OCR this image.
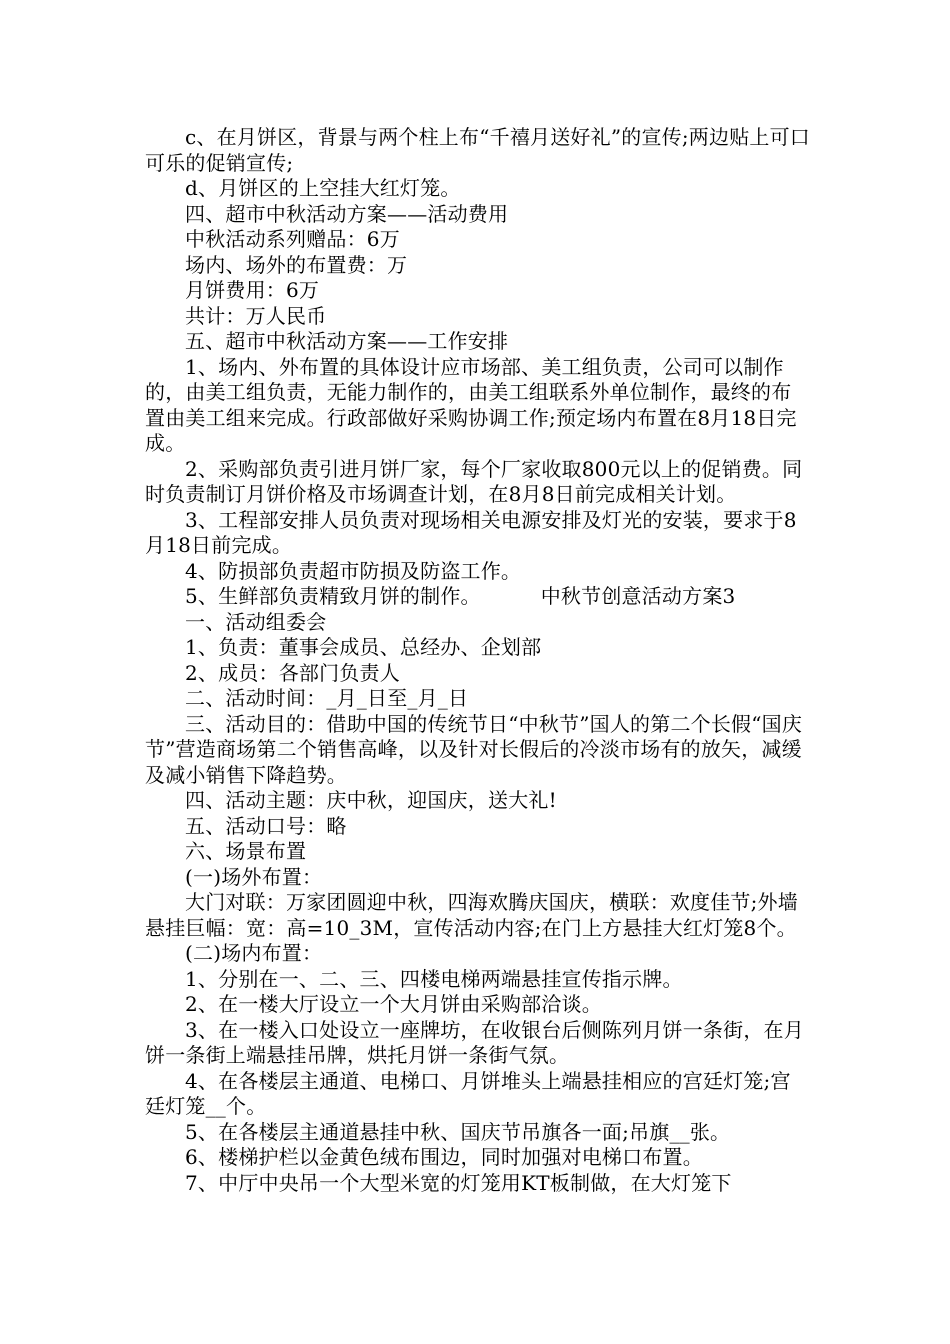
c、在月饼区，背景与两个柱上布“千禧月送好礼”的宣传;两边贴上可口可乐的促销宣传;

d、月饼区的上空挂大红灯笼。

四、超市中秋活动方案——活动费用

中秋活动系列赠品：6万

场内、场外的布置费：万

月饼费用：6万

共计：万人民币

五、超市中秋活动方案——工作安排

1、场内、外布置的具体设计应市场部、美工组负责，公司可以制作的，由美工组负责，无能力制作的，由美工组联系外单位制作，最终的布置由美工组来完成。行政部做好采购协调工作;预定场内布置在8月18日完成。

2、采购部负责引进月饼厂家，每个厂家收取800元以上的促销费。同时负责制订月饼价格及市场调查计划，在8月8日前完成相关计划。

3、工程部安排人员负责对现场相关电源安排及灯光的安装，要求于8月18日前完成。

4、防损部负责超市防损及防盗工作。

5、生鲜部负责精致月饼的制作。	中秋节创意活动方案3

一、活动组委会

1、负责：董事会成员、总经办、企划部

2、成员：各部门负责人

二、活动时间：_月_日至_月_日

三、活动目的：借助中国的传统节日“中秋节”国人的第二个长假“国庆节”营造商场第二个销售高峰，以及针对长假后的冷淡市场有的放矢，减缓及减小销售下降趋势。

四、活动主题：庆中秋，迎国庆，送大礼!

五、活动口号：略

六、场景布置

(一)场外布置：

大门对联：万家团圆迎中秋，四海欢腾庆国庆，横联：欢度佳节;外墙悬挂巨幅：宽：高=10_3M，宣传活动内容;在门上方悬挂大红灯笼8个。

(二)场内布置：

1、分别在一、二、三、四楼电梯两端悬挂宣传指示牌。

2、在一楼大厅设立一个大月饼由采购部洽谈。

3、在一楼入口处设立一座牌坊，在收银台后侧陈列月饼一条街，在月饼一条街上端悬挂吊牌，烘托月饼一条街气氛。

4、在各楼层主通道、电梯口、月饼堆头上端悬挂相应的宫廷灯笼;宫廷灯笼__个。

5、在各楼层主通道悬挂中秋、国庆节吊旗各一面;吊旗__张。

6、楼梯护栏以金黄色绒布围边，同时加强对电梯口布置。

7、中厅中央吊一个大型米宽的灯笼用KT板制做，在大灯笼下
